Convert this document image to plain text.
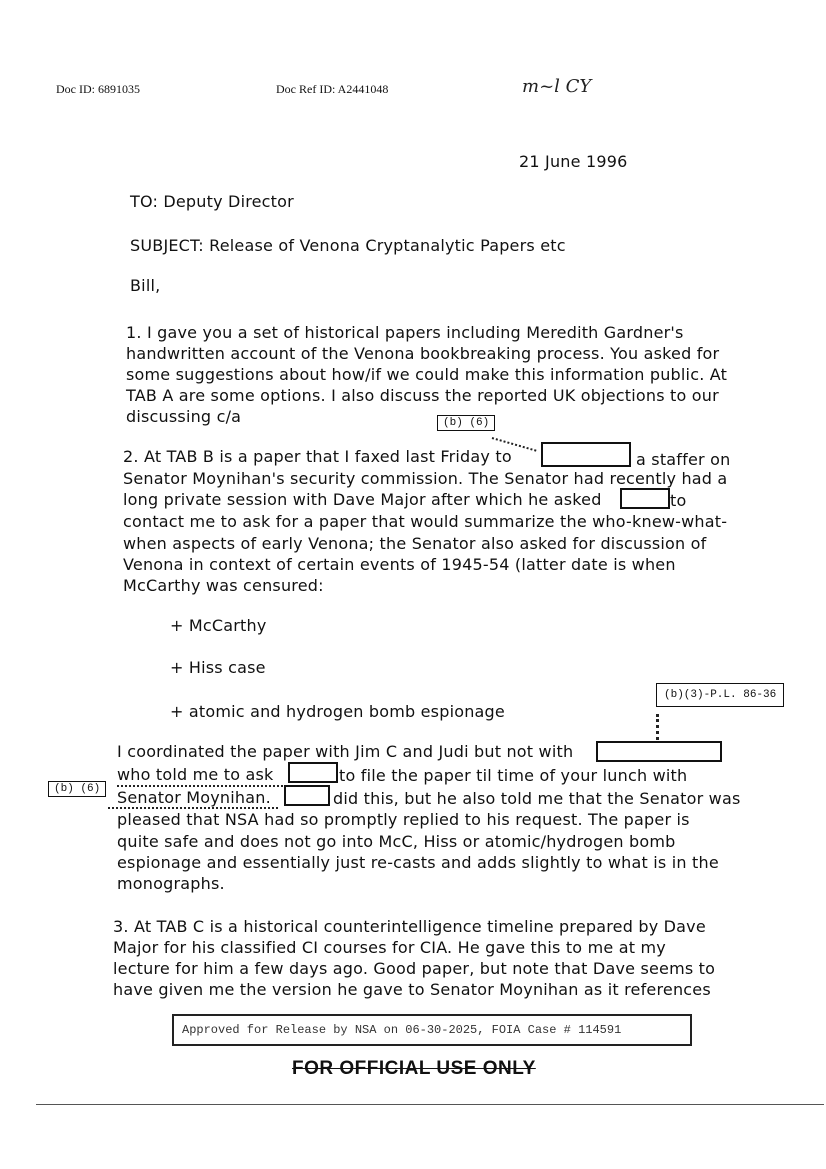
Doc ID: 6891035	Doc Ref ID: A2441048	m~l CY
21 June 1996
TO: Deputy Director
SUBJECT: Release of Venona Cryptanalytic Papers etc
Bill,
1. I gave you a set of historical papers including Meredith Gardner's
handwritten account of the Venona bookbreaking process. You asked for
some suggestions about how/if we could make this information public. At
TAB A are some options. I also discuss the reported UK objections to our
discussing c/a	(b) (6)
2. At TAB B is a paper that I faxed last Friday to	a staffer on
Senator Moynihan's security commission. The Senator had recently had a
long private session with Dave Major after which he asked	to
contact me to ask for a paper that would summarize the who-knew-what-
when aspects of early Venona; the Senator also asked for discussion of
Venona in context of certain events of 1945-54 (latter date is when
McCarthy was censured:
+ McCarthy
+ Hiss case
+ atomic and hydrogen bomb espionage
(b)(3)-P.L. 86-36
I coordinated the paper with Jim C and Judi but not with
who told me to ask	to file the paper til time of your lunch with
(b) (6)	Senator Moynihan.	did this, but he also told me that the Senator was
pleased that NSA had so promptly replied to his request. The paper is
quite safe and does not go into McC, Hiss or atomic/hydrogen bomb
espionage and essentially just re-casts and adds slightly to what is in the
monographs.
3. At TAB C is a historical counterintelligence timeline prepared by Dave
Major for his classified CI courses for CIA. He gave this to me at my
lecture for him a few days ago. Good paper, but note that Dave seems to
have given me the version he gave to Senator Moynihan as it references
Approved for Release by NSA on 06-30-2025, FOIA Case # 114591
FOR OFFICIAL USE ONLY
